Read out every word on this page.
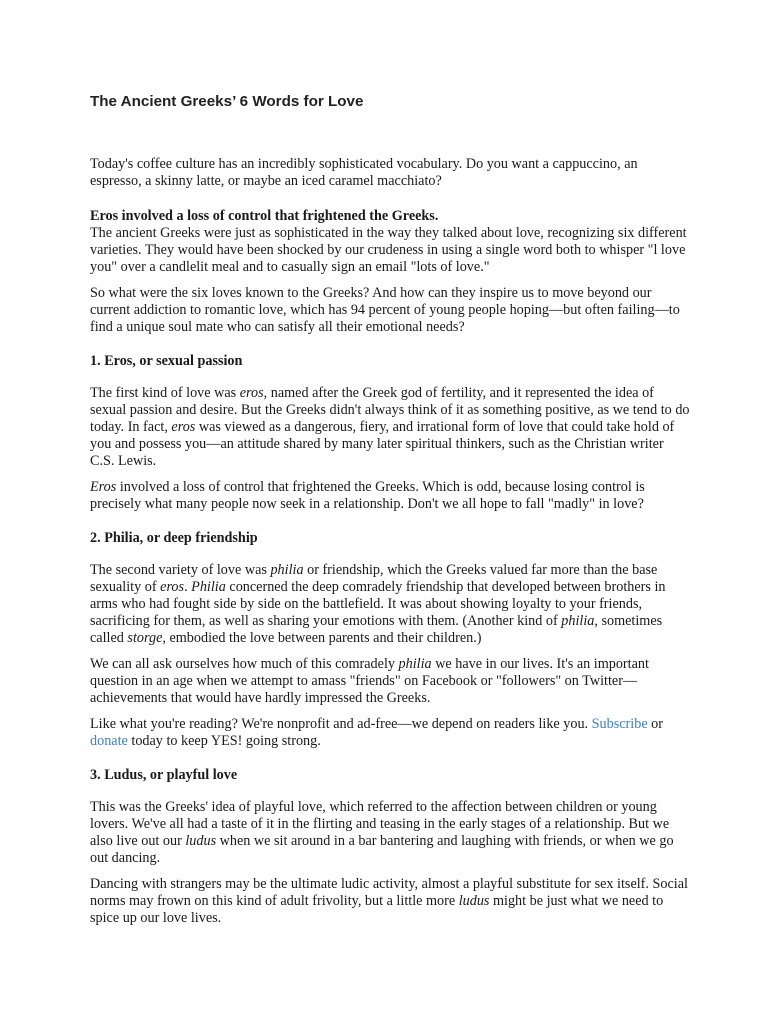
The Ancient Greeks’ 6 Words for Love

Today's coffee culture has an incredibly sophisticated vocabulary. Do you want a cappuccino, an espresso, a skinny latte, or maybe an iced caramel macchiato?

Eros involved a loss of control that frightened the Greeks.
The ancient Greeks were just as sophisticated in the way they talked about love, recognizing six different varieties. They would have been shocked by our crudeness in using a single word both to whisper "l love you" over a candlelit meal and to casually sign an email "lots of love."

So what were the six loves known to the Greeks? And how can they inspire us to move beyond our current addiction to romantic love, which has 94 percent of young people hoping—but often failing—to find a unique soul mate who can satisfy all their emotional needs?

1. Eros, or sexual passion

The first kind of love was eros, named after the Greek god of fertility, and it represented the idea of sexual passion and desire. But the Greeks didn't always think of it as something positive, as we tend to do today. In fact, eros was viewed as a dangerous, fiery, and irrational form of love that could take hold of you and possess you—an attitude shared by many later spiritual thinkers, such as the Christian writer C.S. Lewis.

Eros involved a loss of control that frightened the Greeks. Which is odd, because losing control is precisely what many people now seek in a relationship. Don't we all hope to fall "madly" in love?

2. Philia, or deep friendship

The second variety of love was philia or friendship, which the Greeks valued far more than the base sexuality of eros. Philia concerned the deep comradely friendship that developed between brothers in arms who had fought side by side on the battlefield. It was about showing loyalty to your friends, sacrificing for them, as well as sharing your emotions with them. (Another kind of philia, sometimes called storge, embodied the love between parents and their children.)

We can all ask ourselves how much of this comradely philia we have in our lives. It's an important question in an age when we attempt to amass "friends" on Facebook or "followers" on Twitter—achievements that would have hardly impressed the Greeks.

Like what you're reading? We're nonprofit and ad-free—we depend on readers like you. Subscribe or donate today to keep YES! going strong.

3. Ludus, or playful love

This was the Greeks' idea of playful love, which referred to the affection between children or young lovers. We've all had a taste of it in the flirting and teasing in the early stages of a relationship. But we also live out our ludus when we sit around in a bar bantering and laughing with friends, or when we go out dancing.

Dancing with strangers may be the ultimate ludic activity, almost a playful substitute for sex itself. Social norms may frown on this kind of adult frivolity, but a little more ludus might be just what we need to spice up our love lives.
